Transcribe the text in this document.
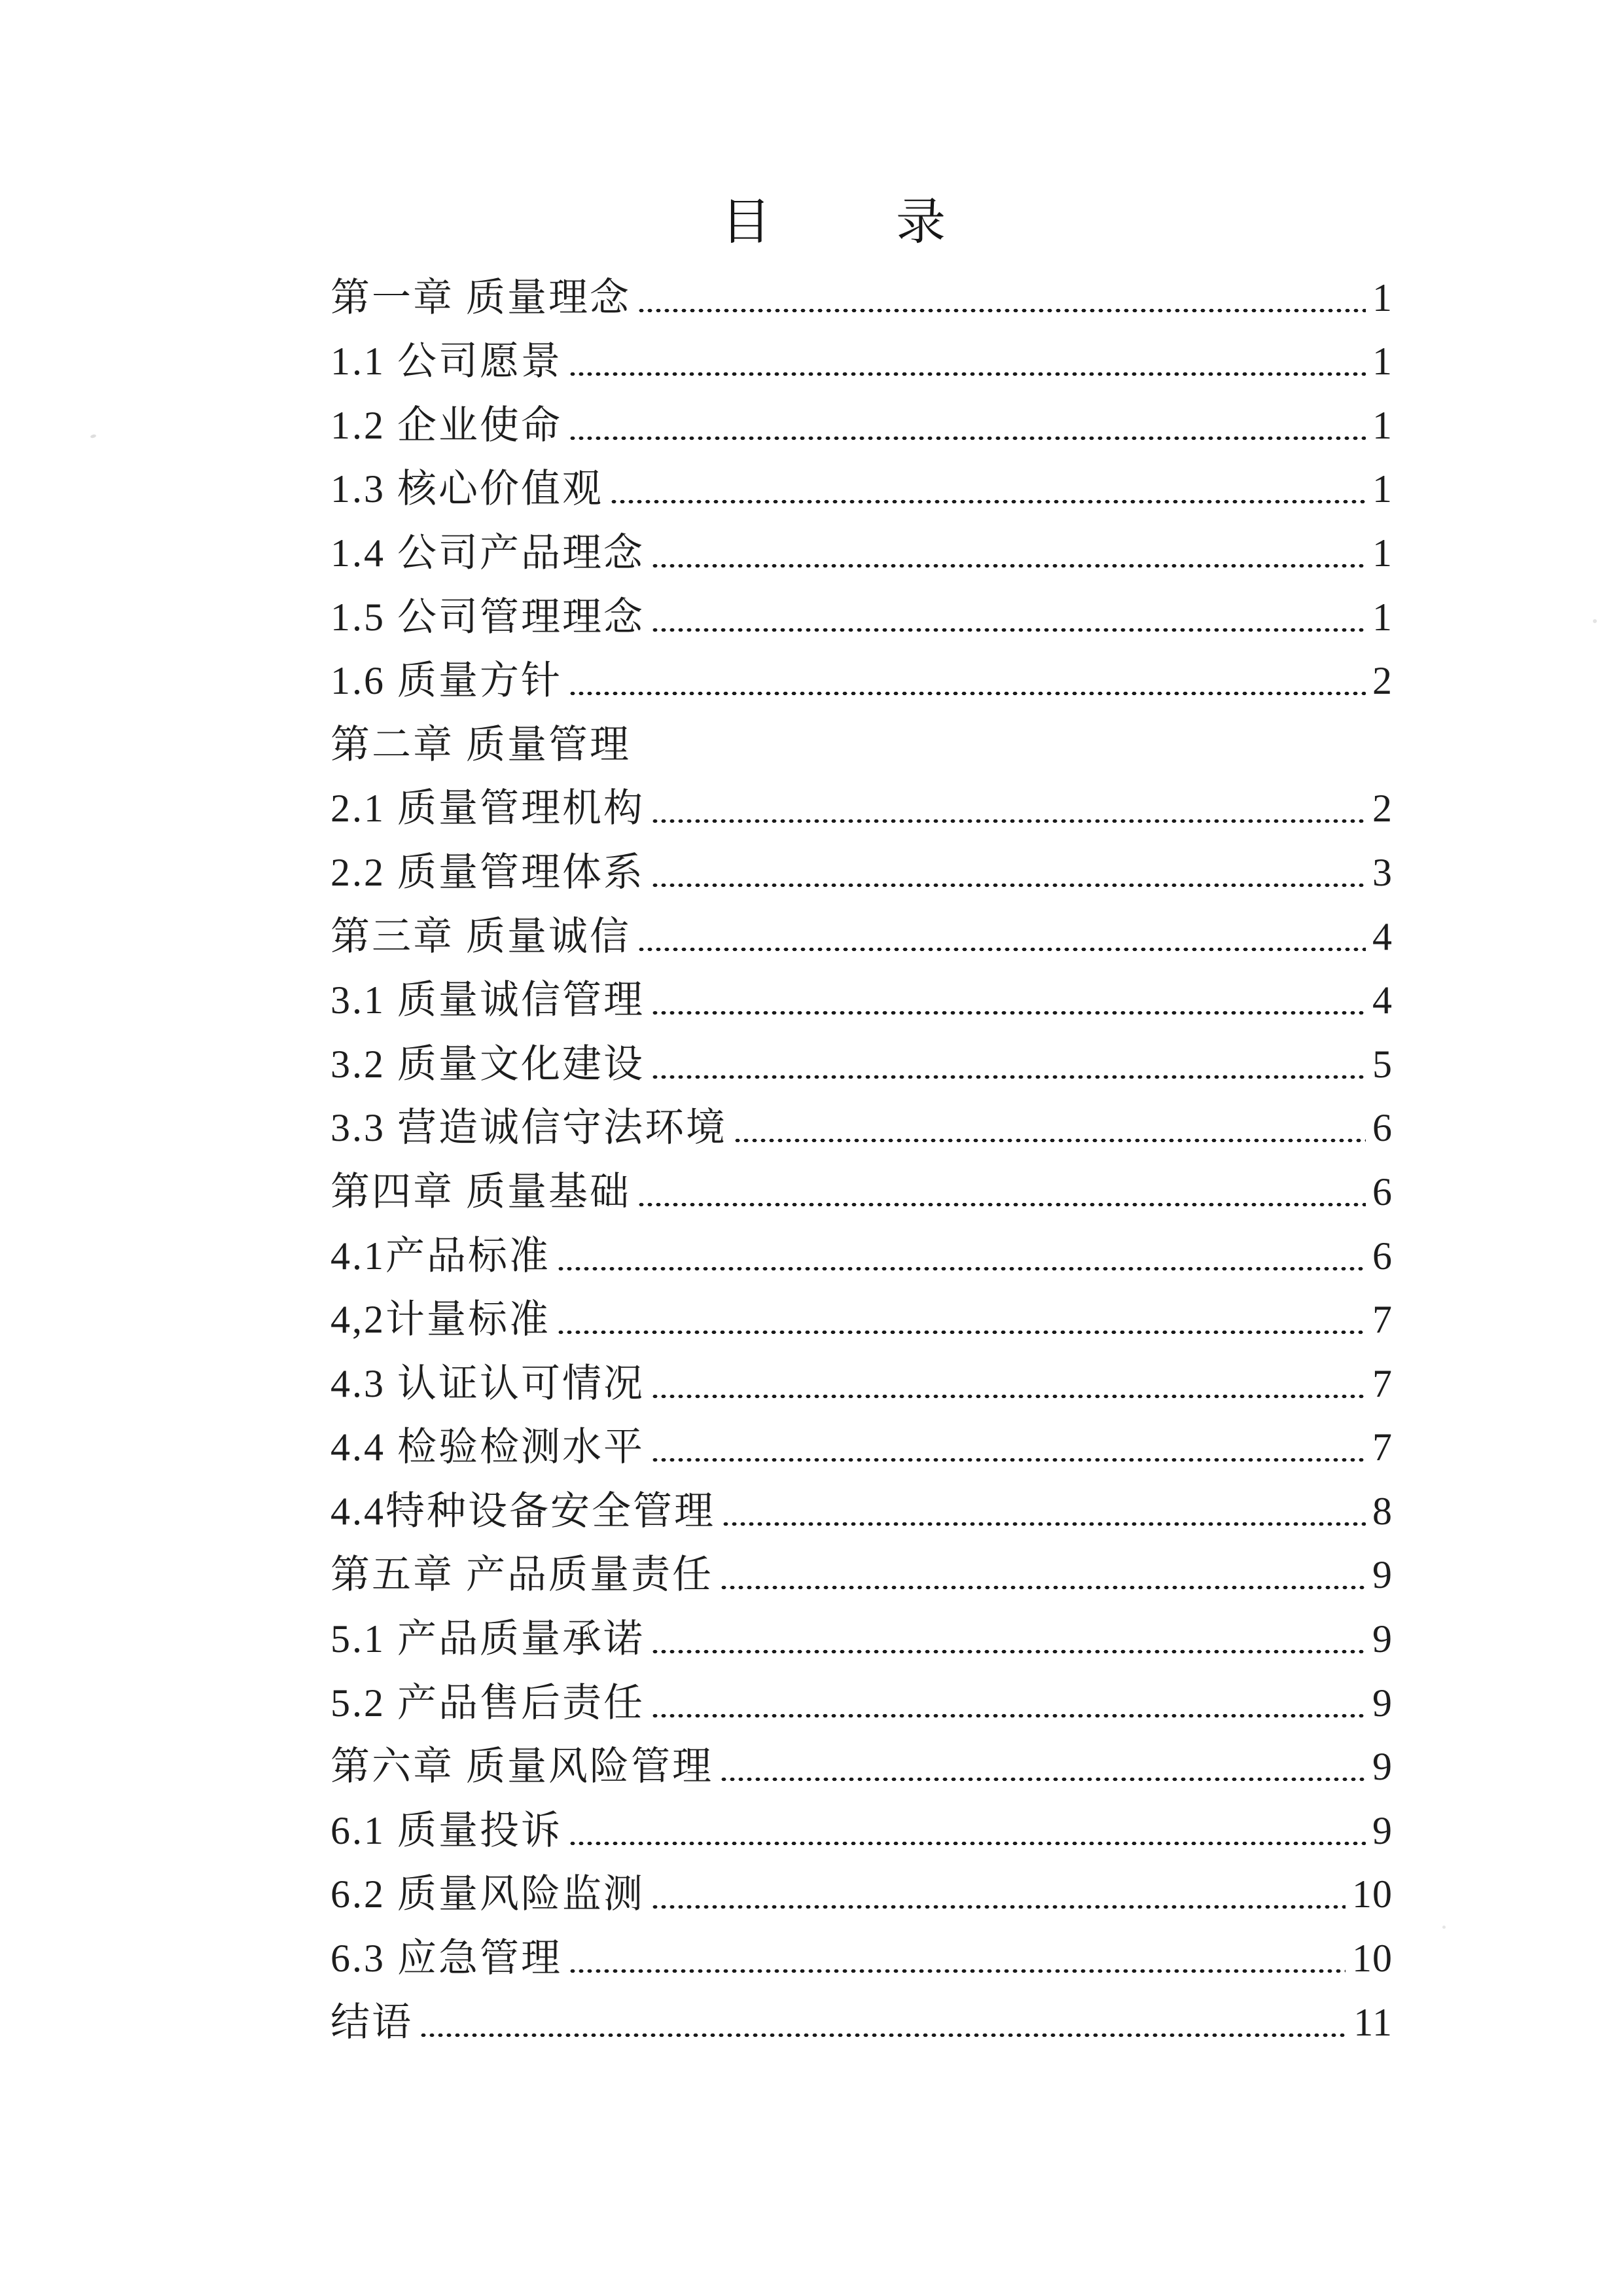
目	录
第一章 质量理念	1
1.1 公司愿景	1
1.2 企业使命	1
1.3 核心价值观	1
1.4 公司产品理念	1
1.5 公司管理理念	1
1.6 质量方针	2
第二章 质量管理
2.1 质量管理机构	2
2.2 质量管理体系	3
第三章 质量诚信	4
3.1 质量诚信管理	4
3.2 质量文化建设	5
3.3 营造诚信守法环境	6
第四章 质量基础	6
4.1产品标准	6
4,2计量标准	7
4.3 认证认可情况	7
4.4 检验检测水平	7
4.4特种设备安全管理	8
第五章 产品质量责任	9
5.1 产品质量承诺	9
5.2 产品售后责任	9
第六章 质量风险管理	9
6.1 质量投诉	9
6.2 质量风险监测	10
6.3 应急管理	10
结语	11
